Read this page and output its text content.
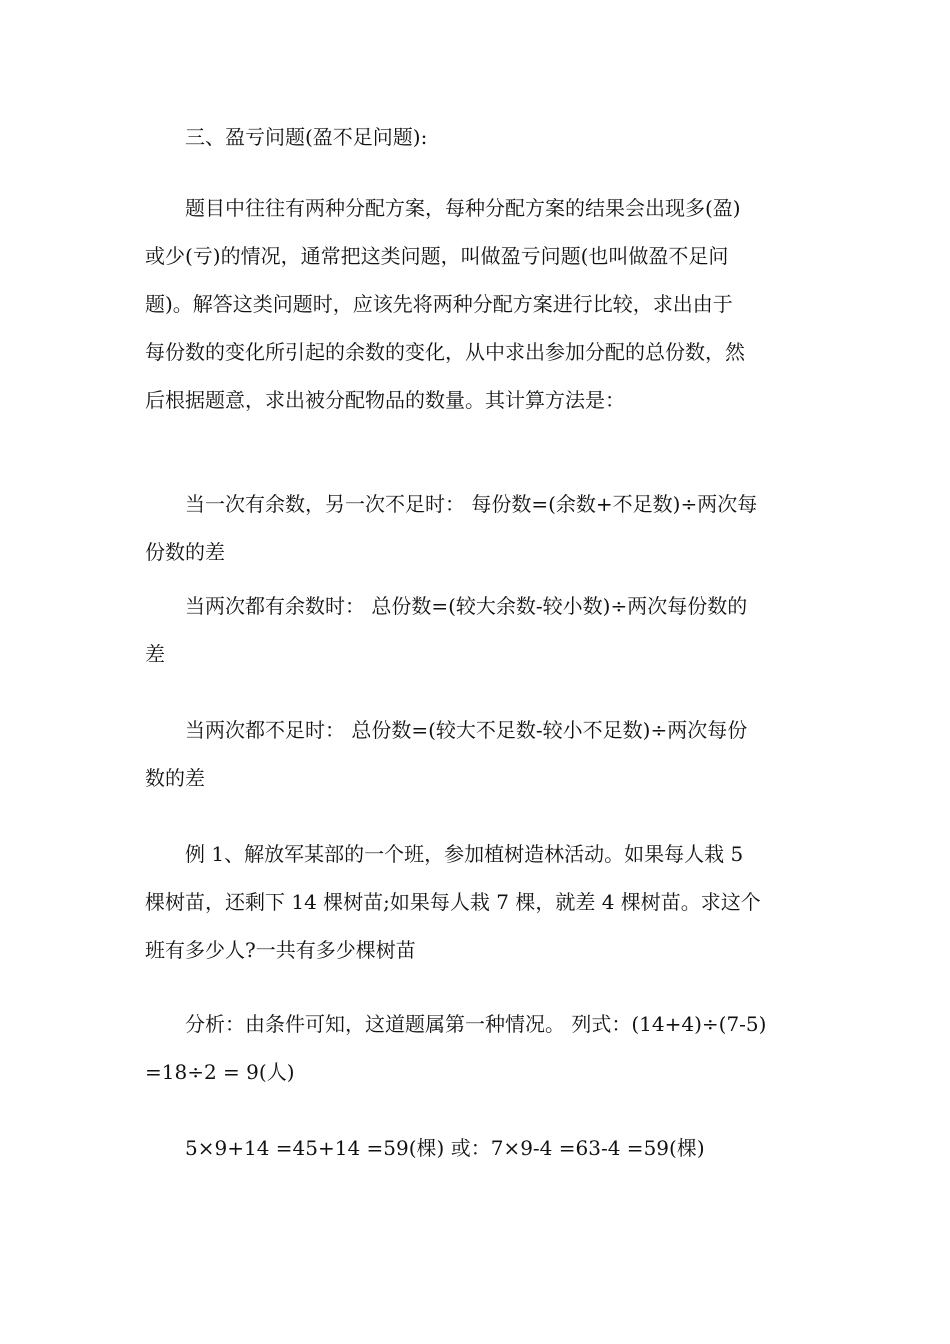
三、盈亏问题(盈不足问题):

题目中往往有两种分配方案，每种分配方案的结果会出现多(盈)
或少(亏)的情况，通常把这类问题，叫做盈亏问题(也叫做盈不足问
题)。解答这类问题时，应该先将两种分配方案进行比较，求出由于
每份数的变化所引起的余数的变化，从中求出参加分配的总份数，然
后根据题意，求出被分配物品的数量。其计算方法是：

当一次有余数，另一次不足时： 每份数=(余数+不足数)÷两次每
份数的差

当两次都有余数时： 总份数=(较大余数-较小数)÷两次每份数的
差

当两次都不足时： 总份数=(较大不足数-较小不足数)÷两次每份
数的差

例 1、解放军某部的一个班，参加植树造林活动。如果每人栽 5
棵树苗，还剩下 14 棵树苗;如果每人栽 7 棵，就差 4 棵树苗。求这个
班有多少人?一共有多少棵树苗

分析：由条件可知，这道题属第一种情况。 列式：(14+4)÷(7-5)
=18÷2 = 9(人)

5×9+14 =45+14 =59(棵) 或：7×9-4 =63-4 =59(棵)
